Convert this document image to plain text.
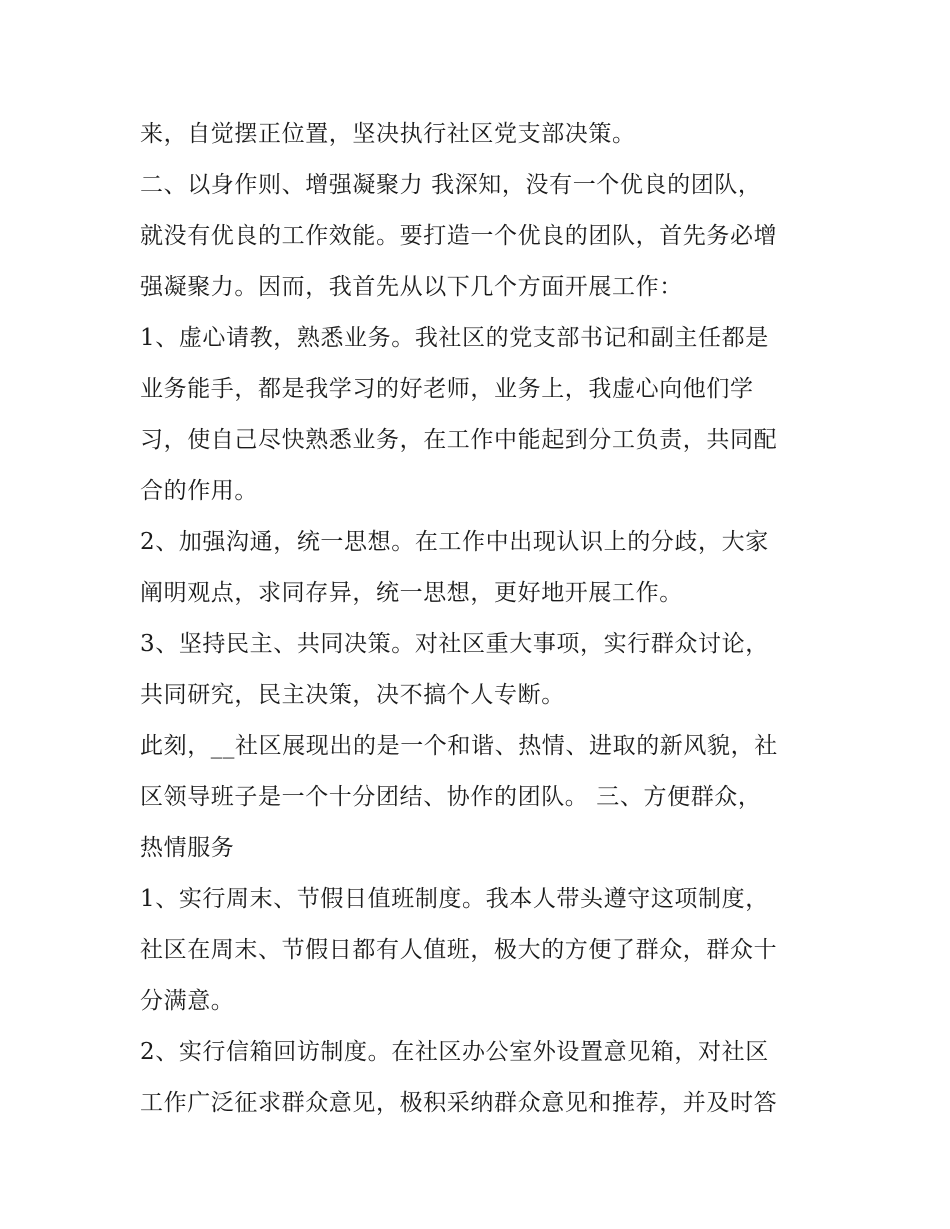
来，自觉摆正位置，坚决执行社区党支部决策。
二、以身作则、增强凝聚力 我深知，没有一个优良的团队，
就没有优良的工作效能。要打造一个优良的团队，首先务必增
强凝聚力。因而，我首先从以下几个方面开展工作：
1、虚心请教，熟悉业务。我社区的党支部书记和副主任都是
业务能手，都是我学习的好老师，业务上，我虚心向他们学
习，使自己尽快熟悉业务，在工作中能起到分工负责，共同配
合的作用。
2、加强沟通，统一思想。在工作中出现认识上的分歧，大家
阐明观点，求同存异，统一思想，更好地开展工作。
3、坚持民主、共同决策。对社区重大事项，实行群众讨论，
共同研究，民主决策，决不搞个人专断。
此刻，__社区展现出的是一个和谐、热情、进取的新风貌，社
区领导班子是一个十分团结、协作的团队。 三、方便群众，
热情服务
1、实行周末、节假日值班制度。我本人带头遵守这项制度，
社区在周末、节假日都有人值班，极大的方便了群众，群众十
分满意。
2、实行信箱回访制度。在社区办公室外设置意见箱，对社区
工作广泛征求群众意见，极积采纳群众意见和推荐，并及时答
